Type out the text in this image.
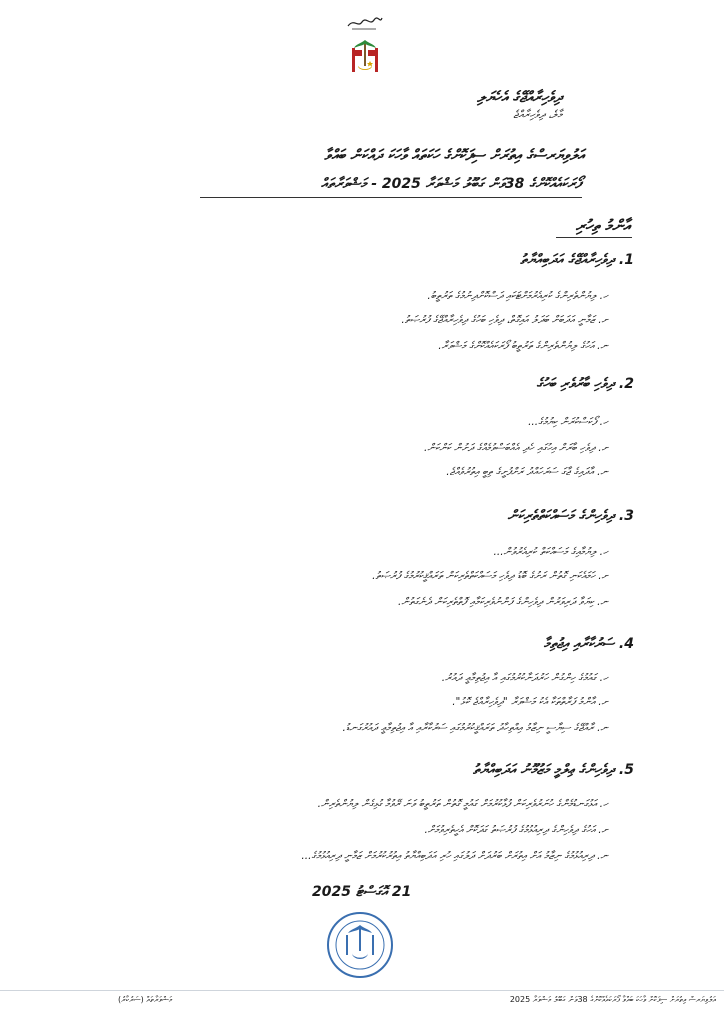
ދިވެހިރާއްޖޭގެ އެހެޔަލި
މާލެ، ދިވެހިރާއްޖެ
އަލުވިޔަރސްގެ އިތުރަށް ސިފަކޮށްގެ ހަކަތައް ވާހަކަ ދައްކަން ބައްވާ
ފޯރަކައެއްކޮށްގެ 38ވަން ގަބޫލު މަޝްވަރާ 2025 - މަޝްވަރާތައް
އާންމު ތިހުރި
1. ދިވެހިރާއްޖޭގެ އަދަބިއްޔާތު
ހ. ލިޔުންތެރިންގެ ކުރިއެރުމަށްޓަކައި ދަސްކޮށްދިނުމުގެ ތަރުތީބު.
ށ. ޒަމާނީ އަދަބަށް ބަދަލު އައިގޮތް، ދިވެހި ބަހުގެ ދިވެހިރާއްޖޭގެ ފުރުޞަތު.
ނ. އަހުގެ ލިޔުންތެރިންގެ ތަރުތީބު ފޯރަކައެއްކޮށްގެ މަޝްވަރާ.
2. ދިވެހި ބާރުވެރި ބަހުގެ
ހ. ފޯކަސްކުރަން ކިޔުމުގެ...
ށ. ދިވެހި ބާރަށް އިހުގައި ހެދި އެއްބަސްވުމެއްގެ ދަށުން ކަންކަން.
ނ. އާދައިގެ ޖާގަ ސަރަހައްދު ރަށްފުށީގެ ތިބީ އިތުރުވެއްޖެ.
3. ދިވެހިންގެ މަސައްކަތްތެރިކަން
ހ. ލިޔުމާއިގެ މަސައްކަތް ކުރިއެރުވުން...
ށ. ހަމައެކަނި ގޮތުން ރަށުގެ ބޮޑު ދިވެހި މަސައްކަތްތެރިކަން ތަރައްޤީކުރުމުގެ ފުރުޞަތު.
ނ. ކިޔަވާ ދަރިވަރުން ދިވެހިންގެ ފަންނުވެރިކަމާއި ފޮތްތެރިކަން ދެނެގަތުން.
4. ސަރުކާރާއި އިޖުތިމާ
ހ. ގައުމުގެ ހިންގުން ހަރުދަނާކުރުމުގައި އާ އިޖުތިމާޢީ ދައުރު.
ށ. އާންމު ފަރާތްތަކާ އެކު މަޝްވަރާ "ދިވެހިރާއްޖެ ކޮޅު".
ނ. ރާއްޖޭގެ ސިޔާސީ ނިޒާމު އިއްތިހާދު ތަރައްޤީކުރުމުގައި ސަރުކާރާއި އާ އިޖުތިމާޢީ ދައުރުގަނޑު.
5. ދިވެހިންގެ ޢިލްމީ މަޒުމޫނު އަދަބިއްޔާތު
ހ. އަޅުގަނޑުމެންގެ ހުނަރުވެރިކަން ފުޅާކުރުމަށް ގައުމީ ގޮތުން ތަރުތީބު ވަނަ ރޭވުމާ ގުޅިގެން ލިޔުންތެރިން.
ށ. އަހުގެ ދިވެހިންގެ ދިރިއުޅުމުގެ ފުރުޞަތު ގަދަކޮށް އެހީތެރިވުމަށް.
ނ. ދިރިއުޅުމުގެ ނިޒާމު އަށް އިތުރަށް ބަރުދަށް ދަލުގައި ހުރި އަދަބިއްޔާތު އިތުރުކުރުމަށް ޒަމާނީ ދިރިއުޅުމުގެ...
21 އޮގަސްޓު 2025
އަލުވިޔަރސް އިތުރަށް ސިފަކޮށް ވާހަކަ ބައްވާ ފޯރަކައެއްކޮށްގެ 38ވަން ގަބޫލު މަޝްވަރާ 2025
މަޝްވަރާތައް (ސަރުކާރު)
